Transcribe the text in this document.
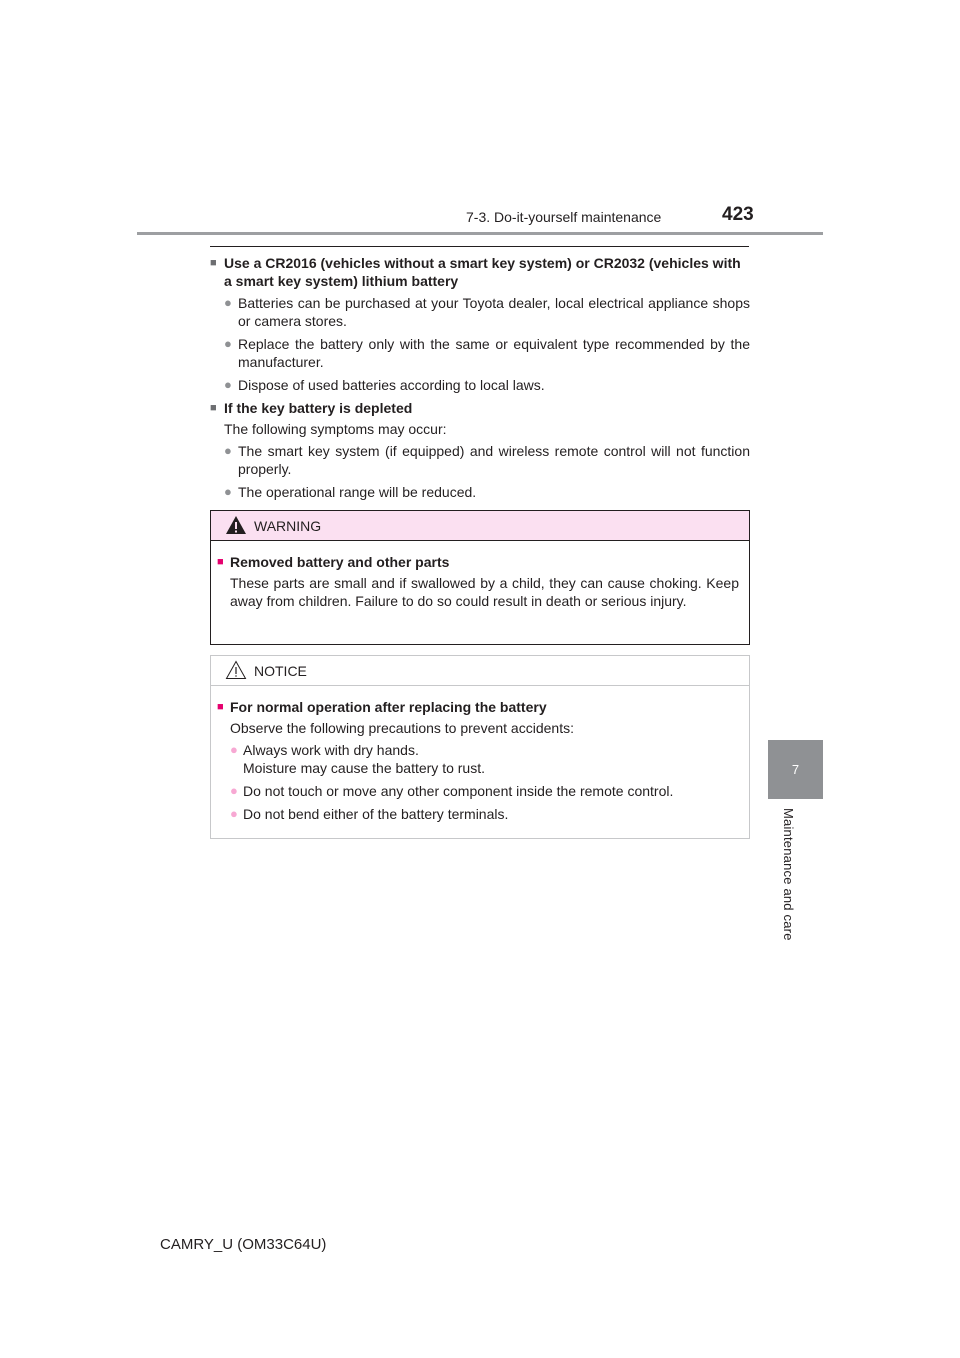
7-3. Do-it-yourself maintenance	423
7
Maintenance and care
■ Use a CR2016 (vehicles without a smart key system) or CR2032 (vehicles with a smart key system) lithium battery
● Batteries can be purchased at your Toyota dealer, local electrical appliance shops or camera stores.
● Replace the battery only with the same or equivalent type recommended by the manufacturer.
● Dispose of used batteries according to local laws.
■ If the key battery is depleted
The following symptoms may occur:
● The smart key system (if equipped) and wireless remote control will not function properly.
● The operational range will be reduced.
WARNING
■ Removed battery and other parts
These parts are small and if swallowed by a child, they can cause choking. Keep away from children. Failure to do so could result in death or serious injury.
NOTICE
■ For normal operation after replacing the battery
Observe the following precautions to prevent accidents:
● Always work with dry hands.
Moisture may cause the battery to rust.
● Do not touch or move any other component inside the remote control.
● Do not bend either of the battery terminals.
CAMRY_U (OM33C64U)
